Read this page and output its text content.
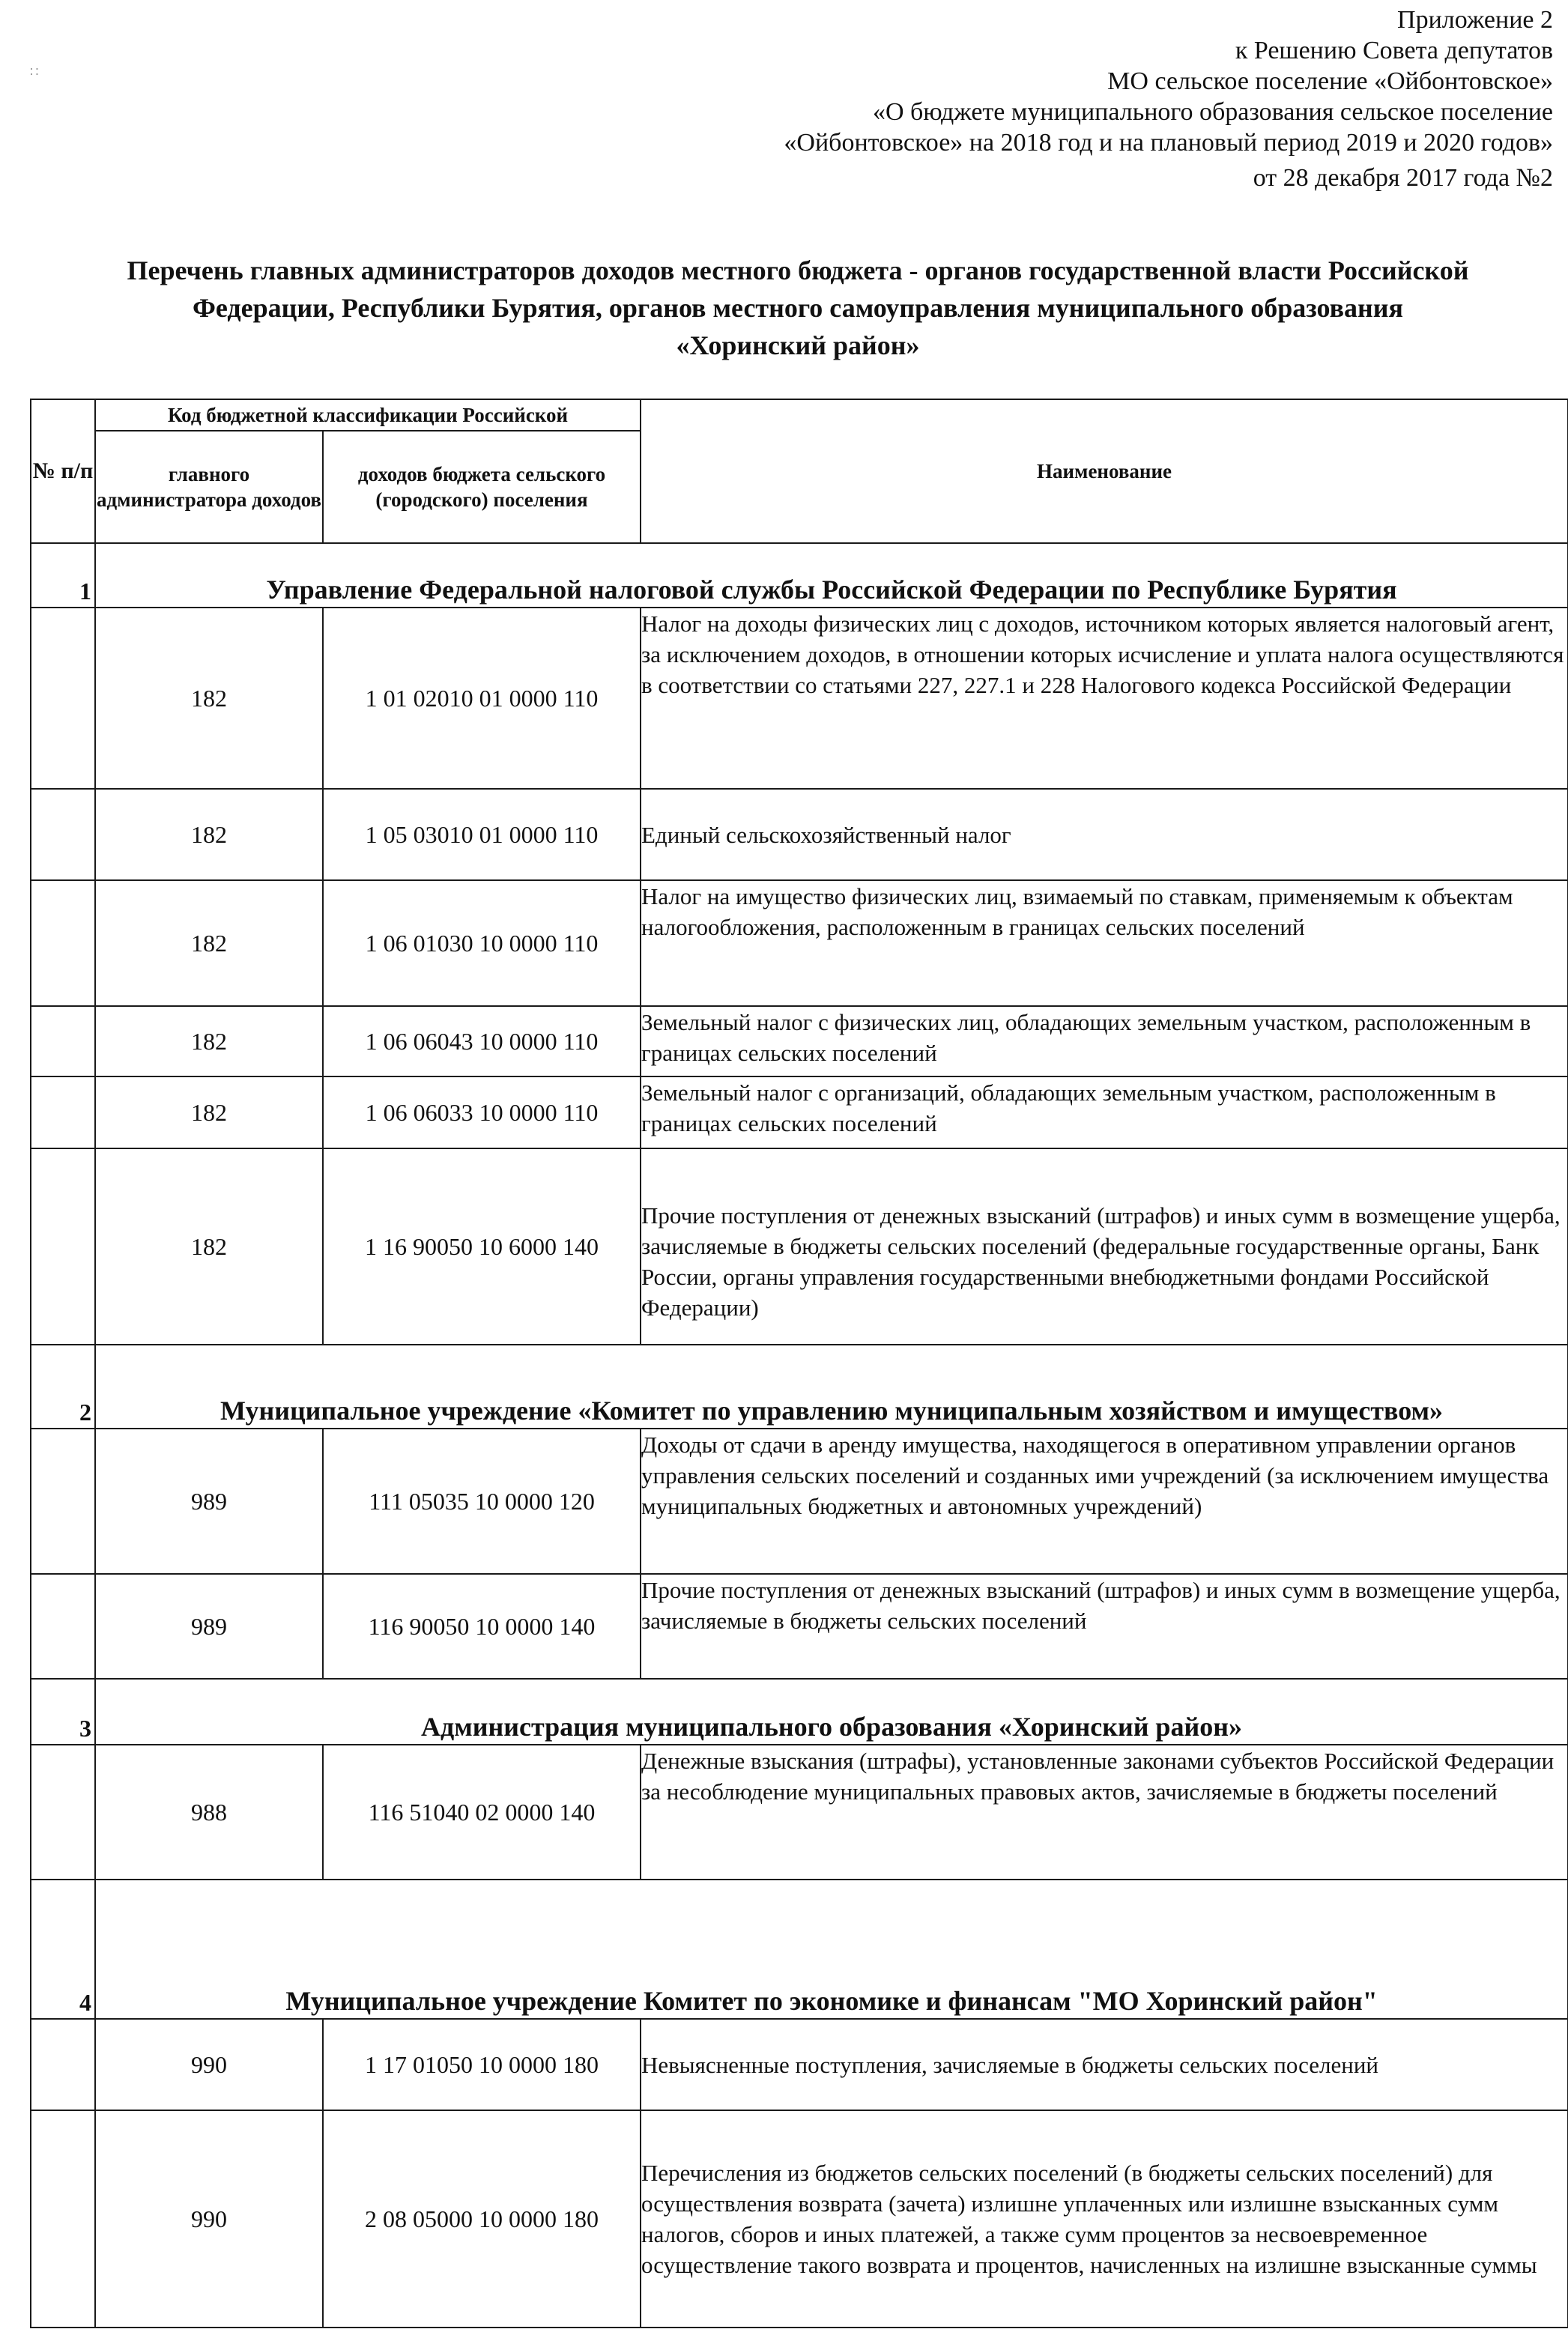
Приложение 2
к Решению Совета депутатов
МО сельское поселение «Ойбонтовское»
«О бюджете муниципального образования сельское поселение
«Ойбонтовское» на 2018 год и на плановый период 2019 и 2020 годов»
от 28 декабря 2017 года №2
Перечень главных администраторов доходов местного бюджета - органов государственной власти Российской
Федерации, Республики Бурятия, органов местного самоуправления муниципального образования
«Хоринский район»
№ п/п	Код бюджетной классификации Российской		Наименование
	главного администратора доходов	доходов бюджета сельского (городского) поселения	
1	Управление Федеральной налоговой службы Российской Федерации по Республике Бурятия		
	182	1 01 02010 01 0000 110	Налог на доходы физических лиц с доходов, источником которых является налоговый агент, за исключением доходов, в отношении которых исчисление и уплата налога осуществляются в соответствии со статьями 227, 227.1 и 228 Налогового кодекса Российской Федерации
	182	1 05 03010 01 0000 110	Единый сельскохозяйственный налог
	182	1 06 01030 10 0000 110	Налог на имущество физических лиц, взимаемый по ставкам, применяемым к объектам налогообложения, расположенным в границах сельских поселений
	182	1 06 06043 10 0000 110	Земельный налог с физических лиц, обладающих земельным участком, расположенным в границах сельских поселений
	182	1 06 06033 10 0000 110	Земельный налог с организаций, обладающих земельным участком, расположенным в границах сельских поселений
	182	1 16 90050 10 6000 140	Прочие поступления от денежных взысканий (штрафов) и иных сумм в возмещение ущерба, зачисляемые в бюджеты сельских поселений (федеральные государственные органы, Банк России, органы управления государственными внебюджетными фондами Российской Федерации)
2	Муниципальное учреждение «Комитет по управлению муниципальным хозяйством и имуществом»		
	989	111 05035 10 0000 120	Доходы от сдачи в аренду имущества, находящегося в оперативном управлении органов управления сельских поселений и созданных ими учреждений (за исключением имущества муниципальных бюджетных и автономных учреждений)
	989	116 90050 10 0000 140	Прочие поступления от денежных взысканий (штрафов) и иных сумм в возмещение ущерба, зачисляемые в бюджеты сельских поселений
3	Администрация муниципального образования «Хоринский район»		
	988	116 51040 02 0000 140	Денежные взыскания (штрафы), установленные законами субъектов Российской Федерации за несоблюдение муниципальных правовых актов, зачисляемые в бюджеты поселений
4	Муниципальное учреждение Комитет по экономике и финансам "МО Хоринский район"		
	990	1 17 01050 10 0000 180	Невыясненные поступления, зачисляемые в бюджеты сельских поселений
	990	2 08 05000 10 0000 180	Перечисления из бюджетов сельских поселений (в бюджеты сельских поселений) для осуществления возврата (зачета) излишне уплаченных или излишне взысканных сумм налогов, сборов и иных платежей, а также сумм процентов за несвоевременное осуществление такого возврата и процентов, начисленных на излишне взысканные суммы
∷
